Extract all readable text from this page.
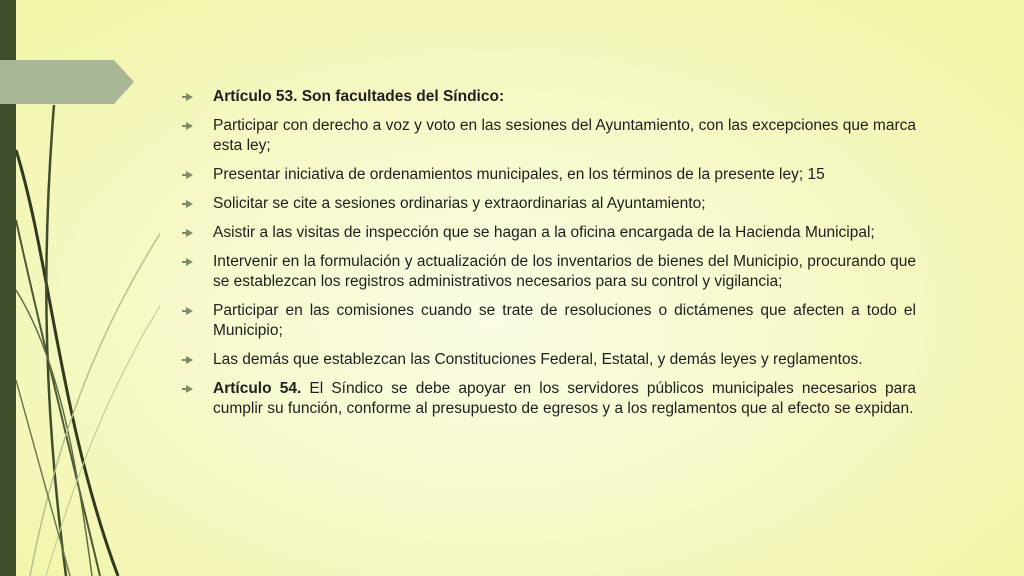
Artículo 53. Son facultades del Síndico:
Participar con derecho a voz y voto en las sesiones del Ayuntamiento, con las excepciones que marca esta ley;
Presentar iniciativa de ordenamientos municipales, en los términos de la presente ley; 15
Solicitar se cite a sesiones ordinarias y extraordinarias al Ayuntamiento;
Asistir a las visitas de inspección que se hagan a la oficina encargada de la Hacienda Municipal;
Intervenir en la formulación y actualización de los inventarios de bienes del Municipio, procurando que se establezcan los registros administrativos necesarios para su control y vigilancia;
Participar en las comisiones cuando se trate de resoluciones o dictámenes que afecten a todo el Municipio;
Las demás que establezcan las Constituciones Federal, Estatal, y demás leyes y reglamentos.
Artículo 54. El Síndico se debe apoyar en los servidores públicos municipales necesarios para cumplir su función, conforme al presupuesto de egresos y a los reglamentos que al efecto se expidan.
